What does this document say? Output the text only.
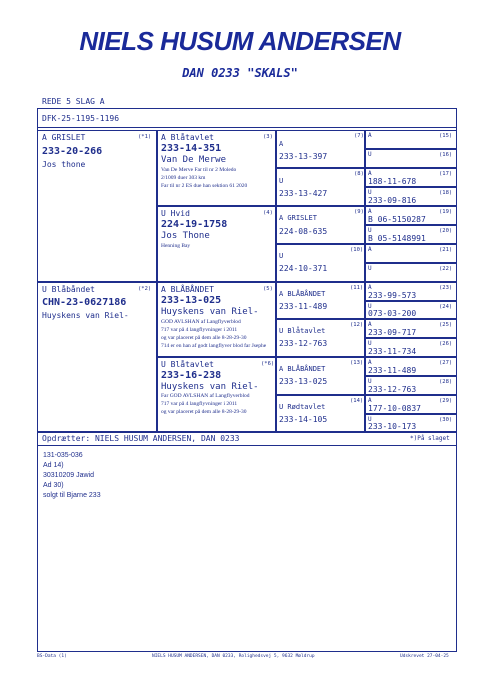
NIELS HUSUM ANDERSEN
DAN 0233 "SKALS"
REDE 5 SLAG A
DFK-25-1195-1196
A GRISLET	(*1)
233-20-266
Jos thone
U Blåbåndet	(*2)
CHN-23-0627186
Huyskens van Riel-
A Blåtavlet	(3)
233-14-351
Van De Merwe
Van De Merve Far til nr 2 Moledo
2/1009 duer 303 km
Far til nr 2 ES due han sektion 61 2020
U Hvid	(4)
224-19-1758
Jos Thone
Henning Bay
A BLÅBÅNDET	(5)
233-13-025
Huyskens van Riel-
GOD AVLSHAN af Langflyverblod
717 var på 4 langflyvninger i 2011
og var placeret på dem alle 8-28-29-30
714 er en han af godt langflyver blod far Jsephe
U Blåtavlet	(*6)
233-16-238
Huyskens van Riel-
Far GOD AVLSHAN af Langflyverblod
717 var på 4 langflyvninger i 2011
og var placeret på dem alle 8-28-29-30
A
(7)
233-13-397
U
(8)
233-13-427
A GRISLET
(9)
224-08-635
U
(10)
224-10-371
A BLÅBÅNDET
(11)
233-11-489
U Blåtavlet
(12)
233-12-763
A BLÅBÅNDET
(13)
233-13-025
U Rødtavlet
(14)
233-14-105
A	(15)
U	(16)
A	(17)
188-11-678
U	(18)
233-09-816
A	(19)
B 06-5150287
U	(20)
B 05-5148991
A	(21)
U	(22)
A	(23)
233-99-573
U	(24)
073-03-200
A	(25)
233-09-717
U	(26)
233-11-734
A	(27)
233-11-489
U	(28)
233-12-763
A	(29)
177-10-0837
U	(30)
233-10-173
Opdrætter: NIELS HUSUM ANDERSEN, DAN 0233	*)På slaget
131-035-036
Ad 14)
30310209 Jawid
Ad 30)
solgt til Bjarne 233
BS-Data (1)	NIELS HUSUM ANDERSEN, DAN 0233, Rolighedsvej 5, 9632 Møldrup	Udskrevet 27-04-25
